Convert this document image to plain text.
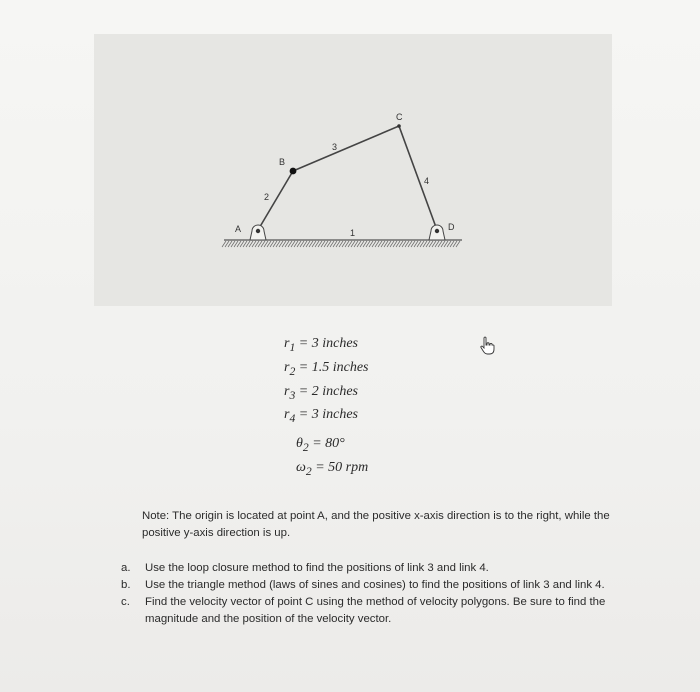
A
B
C
D
1
2
3
4
$r_1 = 3$ inches
$r_2 = 1.5$ inches
$r_3 = 2$ inches
$r_4 = 3$ inches
$\theta_2 = 80^\circ$
$\omega_2 = 50$ rpm
Note: The origin is located at point A, and the positive x-axis direction is to the right, while the positive y-axis direction is up.
a.	Use the loop closure method to find the positions of link 3 and link 4.
b.	Use the triangle method (laws of sines and cosines) to find the positions of link 3 and link 4.
c.	Find the velocity vector of point C using the method of velocity polygons. Be sure to find the magnitude and the position of the velocity vector.
